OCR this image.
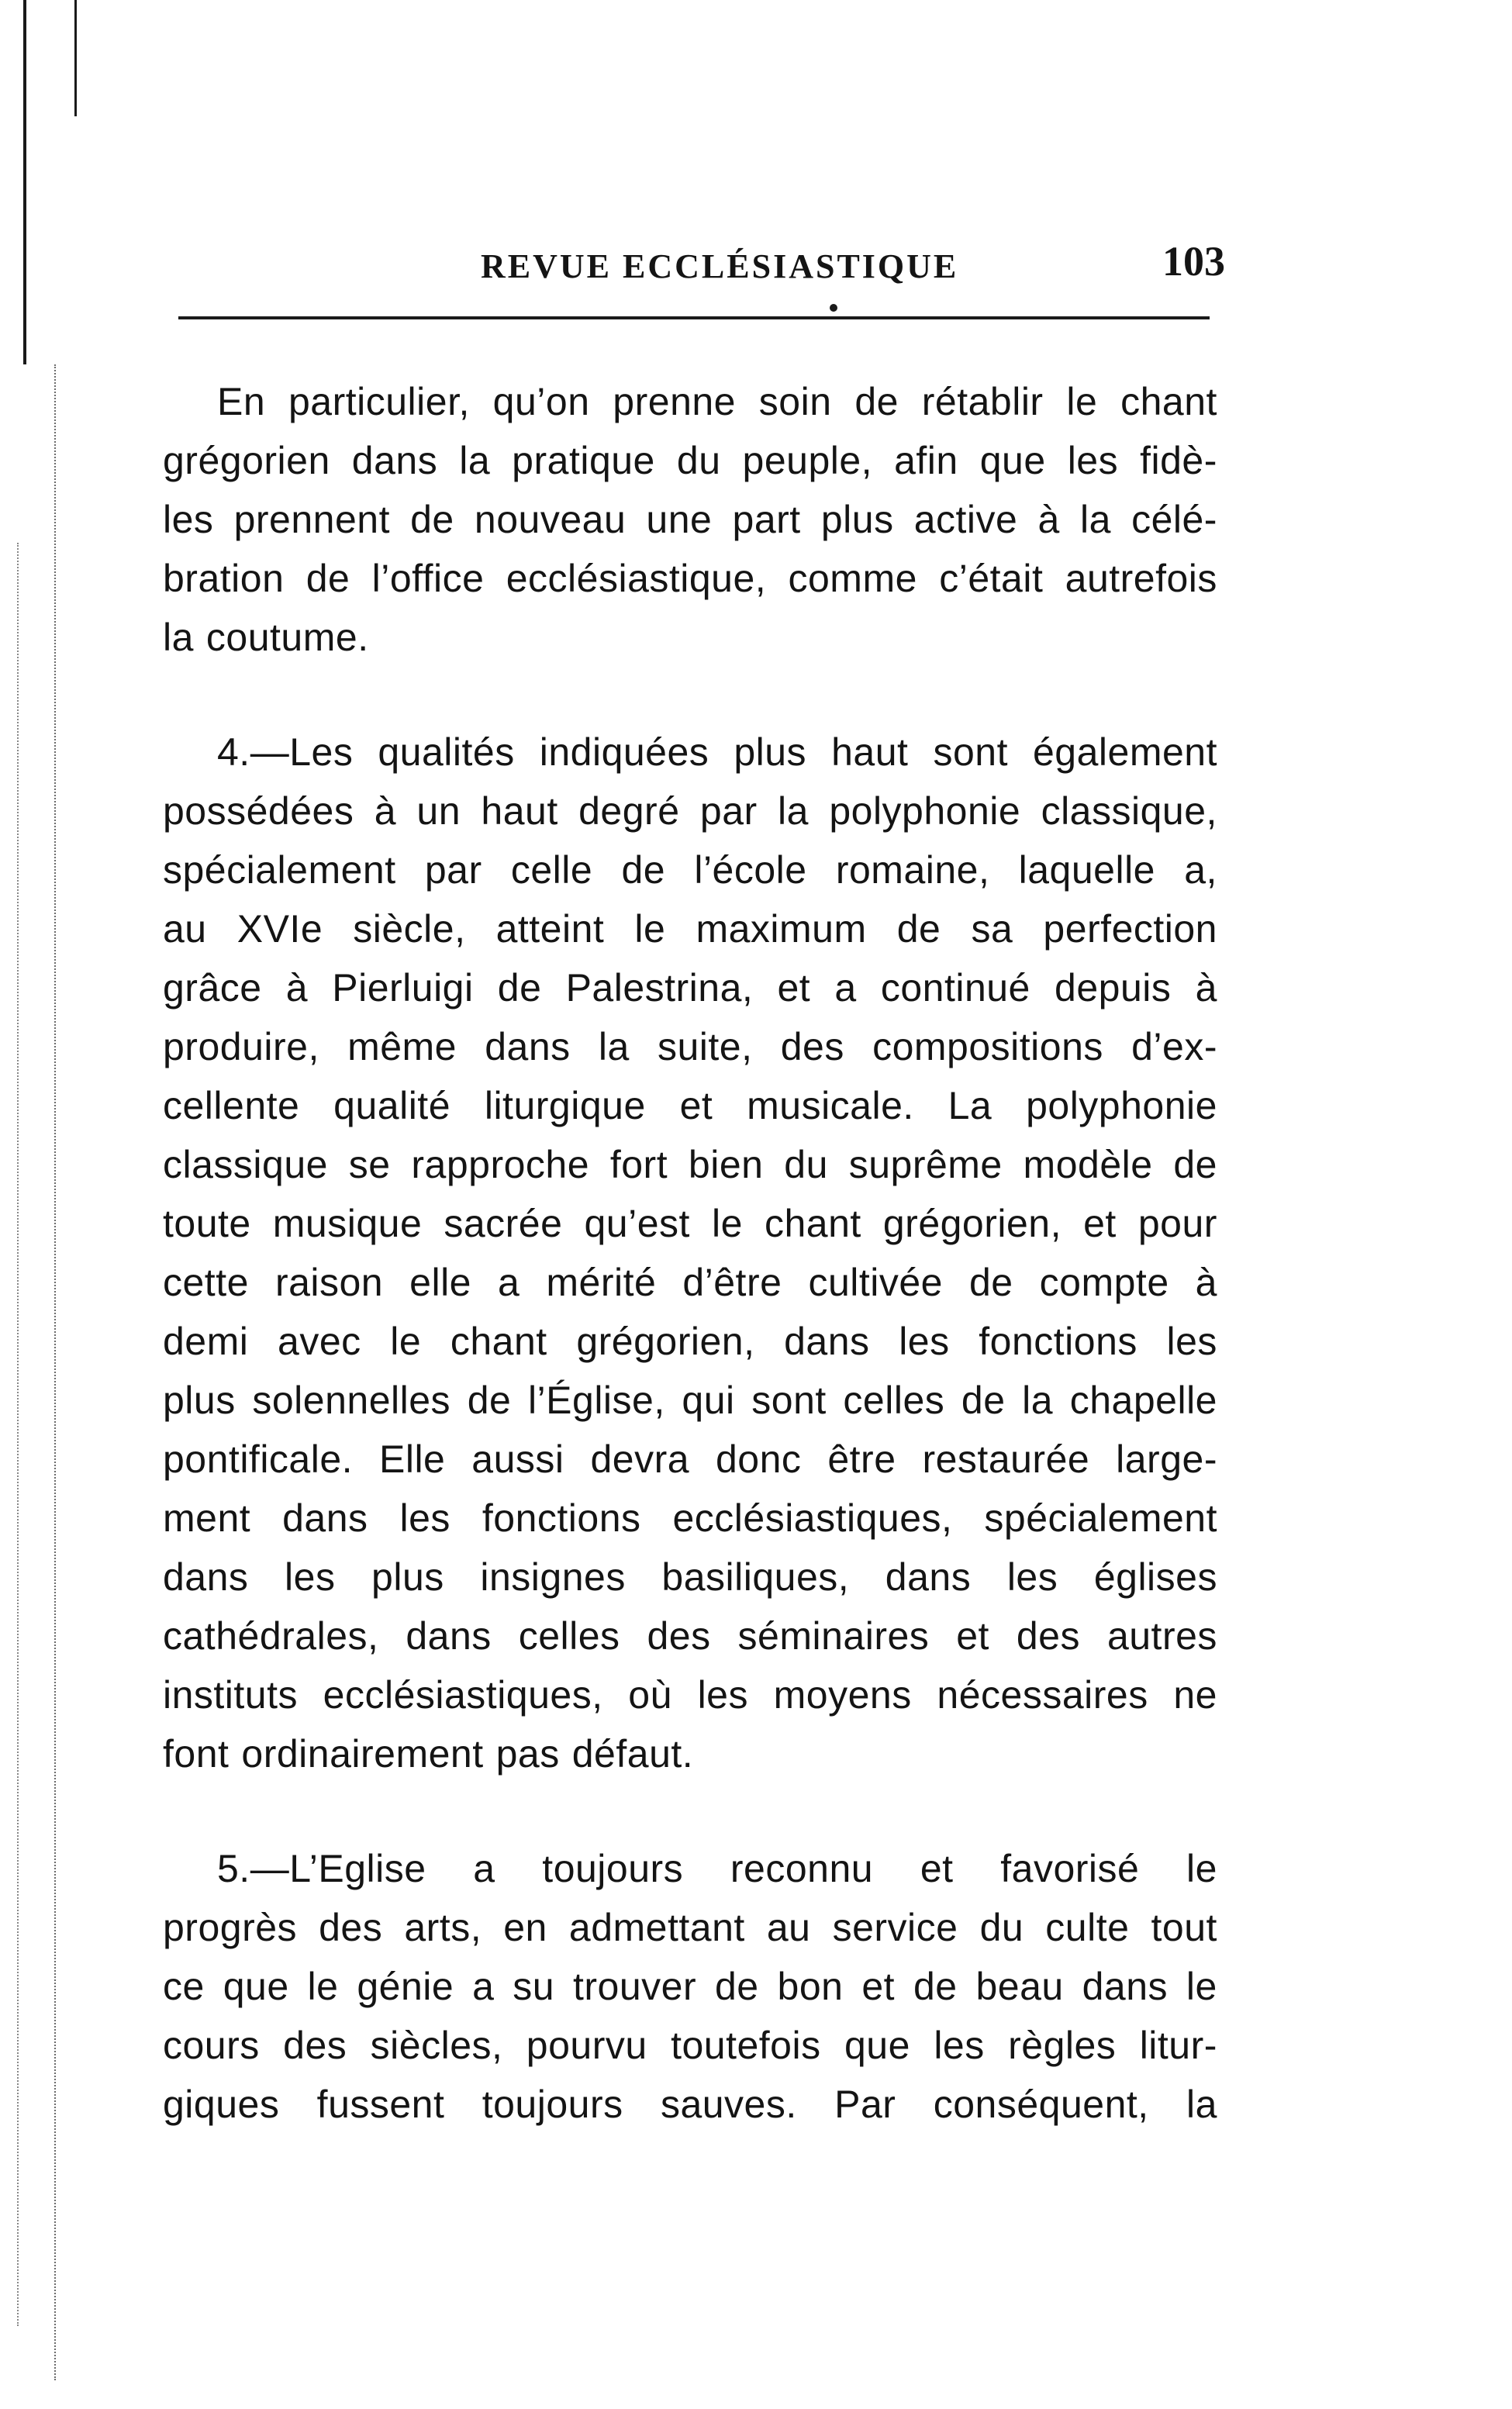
REVUE ECCLÉSIASTIQUE	103
En particulier, qu’on prenne soin de rétablir le chant
grégorien dans la pratique du peuple, afin que les fidè-
les prennent de nouveau une part plus active à la célé-
bration de l’office ecclésiastique, comme c’était autrefois
la coutume.
4.—Les qualités indiquées plus haut sont également
possédées à un haut degré par la polyphonie classique,
spécialement par celle de l’école romaine, laquelle a,
au XVIe siècle, atteint le maximum de sa perfection
grâce à Pierluigi de Palestrina, et a continué depuis à
produire, même dans la suite, des compositions d’ex-
cellente qualité liturgique et musicale. La polyphonie
classique se rapproche fort bien du suprême modèle de
toute musique sacrée qu’est le chant grégorien, et pour
cette raison elle a mérité d’être cultivée de compte à
demi avec le chant grégorien, dans les fonctions les
plus solennelles de l’Église, qui sont celles de la chapelle
pontificale. Elle aussi devra donc être restaurée large-
ment dans les fonctions ecclésiastiques, spécialement
dans les plus insignes basiliques, dans les églises
cathédrales, dans celles des séminaires et des autres
instituts ecclésiastiques, où les moyens nécessaires ne
font ordinairement pas défaut.
5.—L’Eglise a toujours reconnu et favorisé le
progrès des arts, en admettant au service du culte tout
ce que le génie a su trouver de bon et de beau dans le
cours des siècles, pourvu toutefois que les règles litur-
giques fussent toujours sauves. Par conséquent, la
